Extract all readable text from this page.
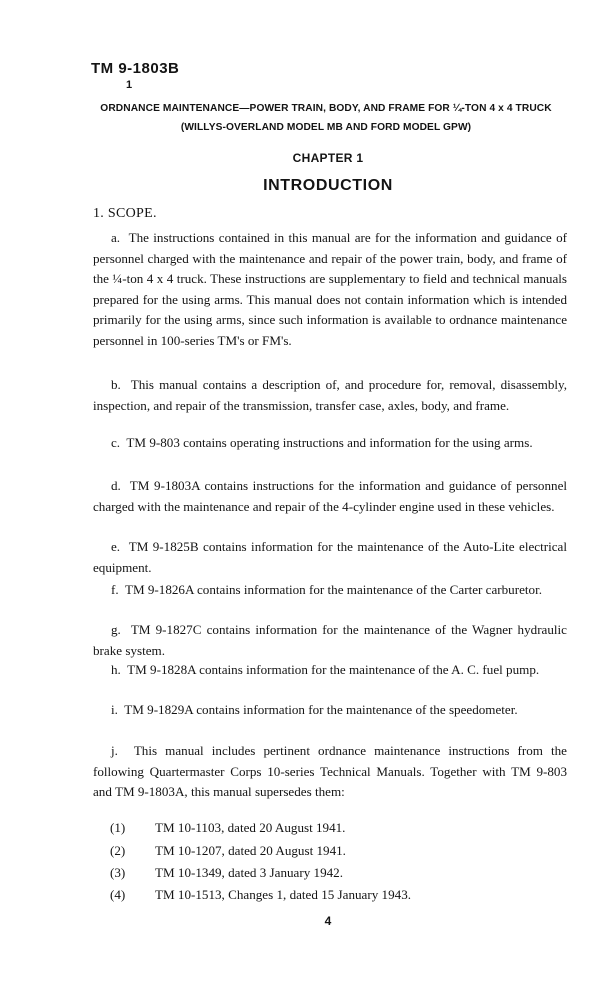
TM 9-1803B
1
ORDNANCE MAINTENANCE—POWER TRAIN, BODY, AND FRAME FOR ¼-TON 4 x 4 TRUCK
(WILLYS-OVERLAND MODEL MB AND FORD MODEL GPW)
CHAPTER 1
INTRODUCTION
1. SCOPE.
a. The instructions contained in this manual are for the information and guidance of personnel charged with the maintenance and repair of the power train, body, and frame of the ¼-ton 4 x 4 truck. These instructions are supplementary to field and technical manuals prepared for the using arms. This manual does not contain information which is intended primarily for the using arms, since such information is available to ordnance maintenance personnel in 100-series TM's or FM's.
b. This manual contains a description of, and procedure for, removal, disassembly, inspection, and repair of the transmission, transfer case, axles, body, and frame.
c. TM 9-803 contains operating instructions and information for the using arms.
d. TM 9-1803A contains instructions for the information and guidance of personnel charged with the maintenance and repair of the 4-cylinder engine used in these vehicles.
e. TM 9-1825B contains information for the maintenance of the Auto-Lite electrical equipment.
f. TM 9-1826A contains information for the maintenance of the Carter carburetor.
g. TM 9-1827C contains information for the maintenance of the Wagner hydraulic brake system.
h. TM 9-1828A contains information for the maintenance of the A. C. fuel pump.
i. TM 9-1829A contains information for the maintenance of the speedometer.
j. This manual includes pertinent ordnance maintenance instructions from the following Quartermaster Corps 10-series Technical Manuals. Together with TM 9-803 and TM 9-1803A, this manual supersedes them:
(1) TM 10-1103, dated 20 August 1941.
(2) TM 10-1207, dated 20 August 1941.
(3) TM 10-1349, dated 3 January 1942.
(4) TM 10-1513, Changes 1, dated 15 January 1943.
4
